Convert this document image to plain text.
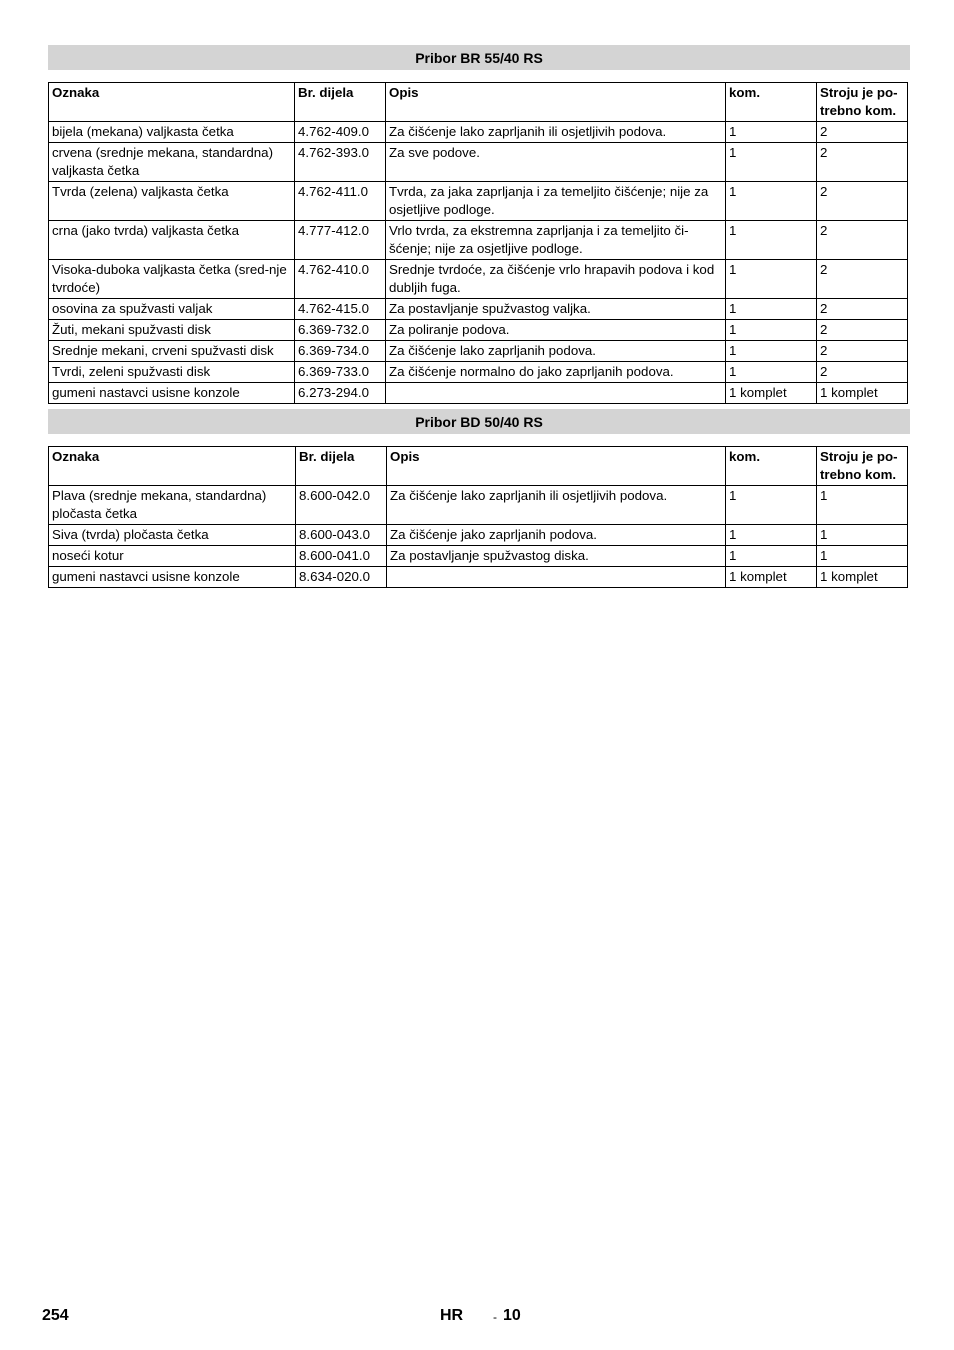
Pribor BR 55/40 RS
Oznaka	Br. dijela	Opis	kom.	Stroju je po-trebno kom.
bijela (mekana) valjkasta četka	4.762-409.0	Za čišćenje lako zaprljanih ili osjetljivih podova.	1	2
crvena (srednje mekana, standardna) valjkasta četka	4.762-393.0	Za sve podove.	1	2
Tvrda (zelena) valjkasta četka	4.762-411.0	Tvrda, za jaka zaprljanja i za temeljito čišćenje; nije za osjetljive podloge.	1	2
crna (jako tvrda) valjkasta četka	4.777-412.0	Vrlo tvrda, za ekstremna zaprljanja i za temeljito či-šćenje; nije za osjetljive podloge.	1	2
Visoka-duboka valjkasta četka (sred-nje tvrdoće)	4.762-410.0	Srednje tvrdoće, za čišćenje vrlo hrapavih podova i kod dubljih fuga.	1	2
osovina za spužvasti valjak	4.762-415.0	Za postavljanje spužvastog valjka.	1	2
Žuti, mekani spužvasti disk	6.369-732.0	Za poliranje podova.	1	2
Srednje mekani, crveni spužvasti disk	6.369-734.0	Za čišćenje lako zaprljanih podova.	1	2
Tvrdi, zeleni spužvasti disk	6.369-733.0	Za čišćenje normalno do jako zaprljanih podova.	1	2
gumeni nastavci usisne konzole	6.273-294.0		1 komplet	1 komplet
Pribor BD 50/40 RS
Oznaka	Br. dijela	Opis	kom.	Stroju je po-trebno kom.
Plava (srednje mekana, standardna) pločasta četka	8.600-042.0	Za čišćenje lako zaprljanih ili osjetljivih podova.	1	1
Siva (tvrda) pločasta četka	8.600-043.0	Za čišćenje jako zaprljanih podova.	1	1
noseći kotur	8.600-041.0	Za postavljanje spužvastog diska.	1	1
gumeni nastavci usisne konzole	8.634-020.0		1 komplet	1 komplet
254	HR - 10
